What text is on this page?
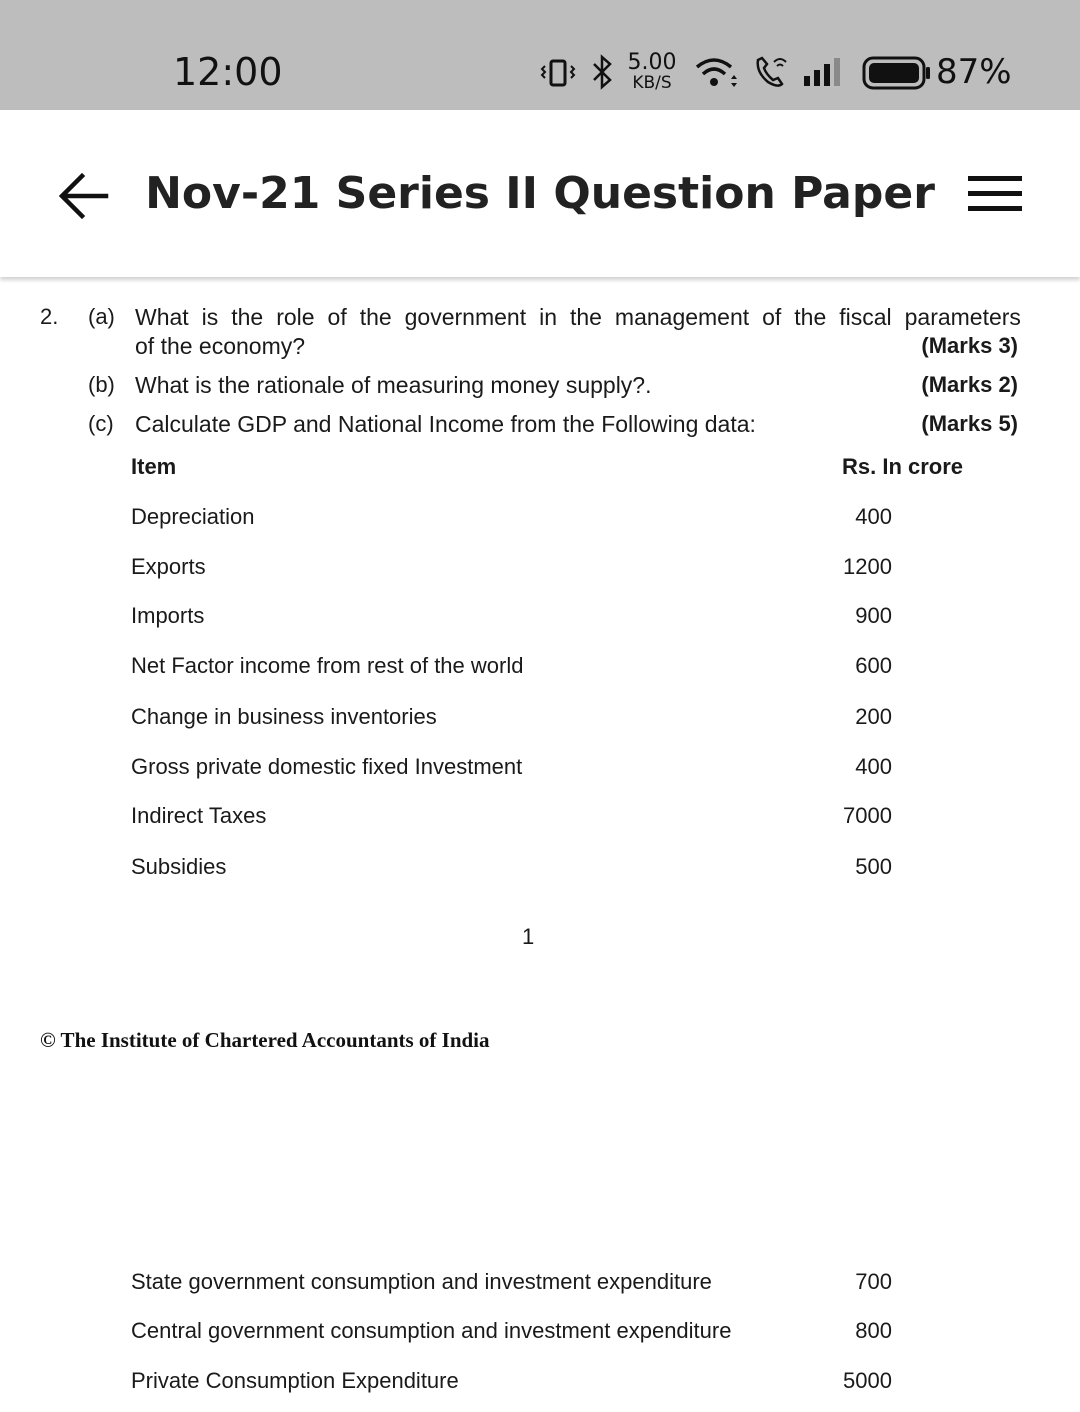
12:00	5.00
KB/S	87%
Nov-21 Series II Question Paper
2. (a) What is the role of the government in the management of the fiscal parameters
of the economy?	(Marks 3)
(b) What is the rationale of measuring money supply?.	(Marks 2)
(c) Calculate GDP and National Income from the Following data:	(Marks 5)
Item	Rs. In crore
Depreciation	400
Exports	1200
Imports	900
Net Factor income from rest of the world	600
Change in business inventories	200
Gross private domestic fixed Investment	400
Indirect Taxes	7000
Subsidies	500
1
© The Institute of Chartered Accountants of India
State government consumption and investment expenditure	700
Central government consumption and investment expenditure	800
Private Consumption Expenditure	5000
